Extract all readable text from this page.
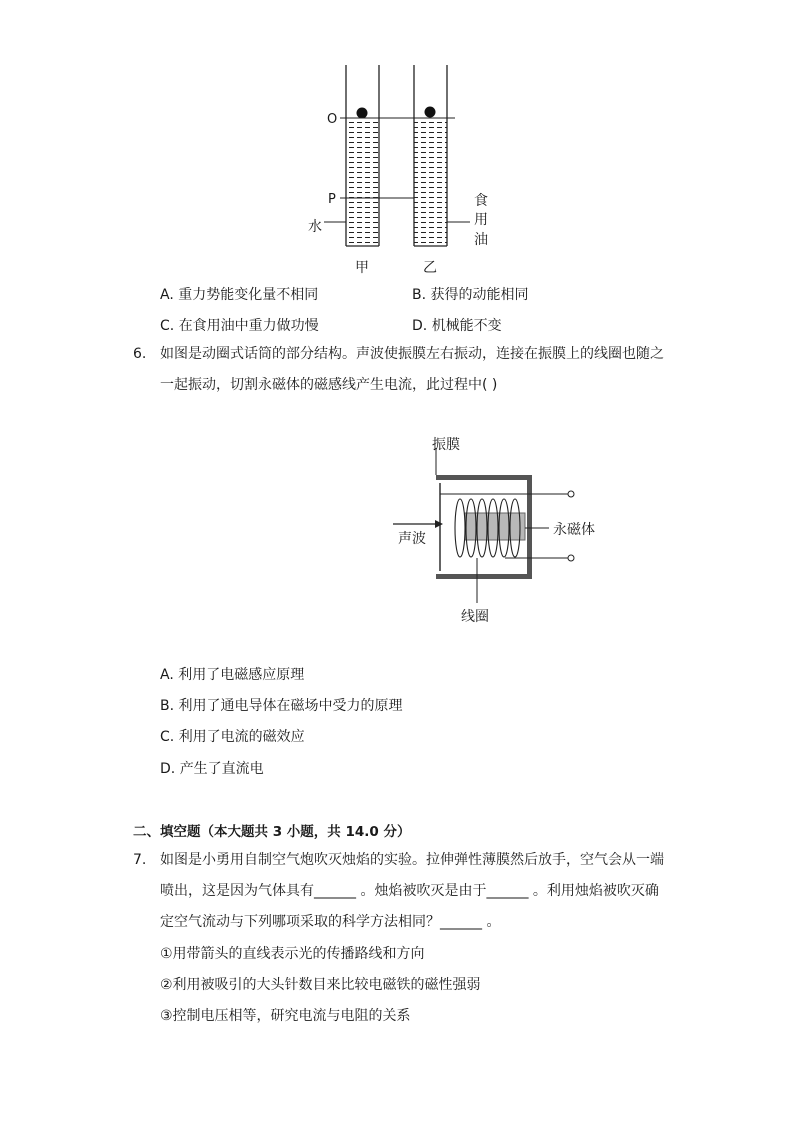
O
P
水
食
用
油
甲	乙
A. 重力势能变化量不相同	B. 获得的动能相同
C. 在食用油中重力做功慢	D. 机械能不变
6. 如图是动圈式话筒的部分结构。声波使振膜左右振动，连接在振膜上的线圈也随之
一起振动，切割永磁体的磁感线产生电流，此过程中( )
振膜
声波
永磁体
线圈
A. 利用了电磁感应原理
B. 利用了通电导体在磁场中受力的原理
C. 利用了电流的磁效应
D. 产生了直流电
二、填空题（本大题共 3 小题，共 14.0 分）
7. 如图是小勇用自制空气炮吹灭烛焰的实验。拉伸弹性薄膜然后放手，空气会从一端
喷出，这是因为气体具有______ 。烛焰被吹灭是由于______ 。利用烛焰被吹灭确
定空气流动与下列哪项采取的科学方法相同？______ 。
①用带箭头的直线表示光的传播路线和方向
②利用被吸引的大头针数目来比较电磁铁的磁性强弱
③控制电压相等，研究电流与电阻的关系
